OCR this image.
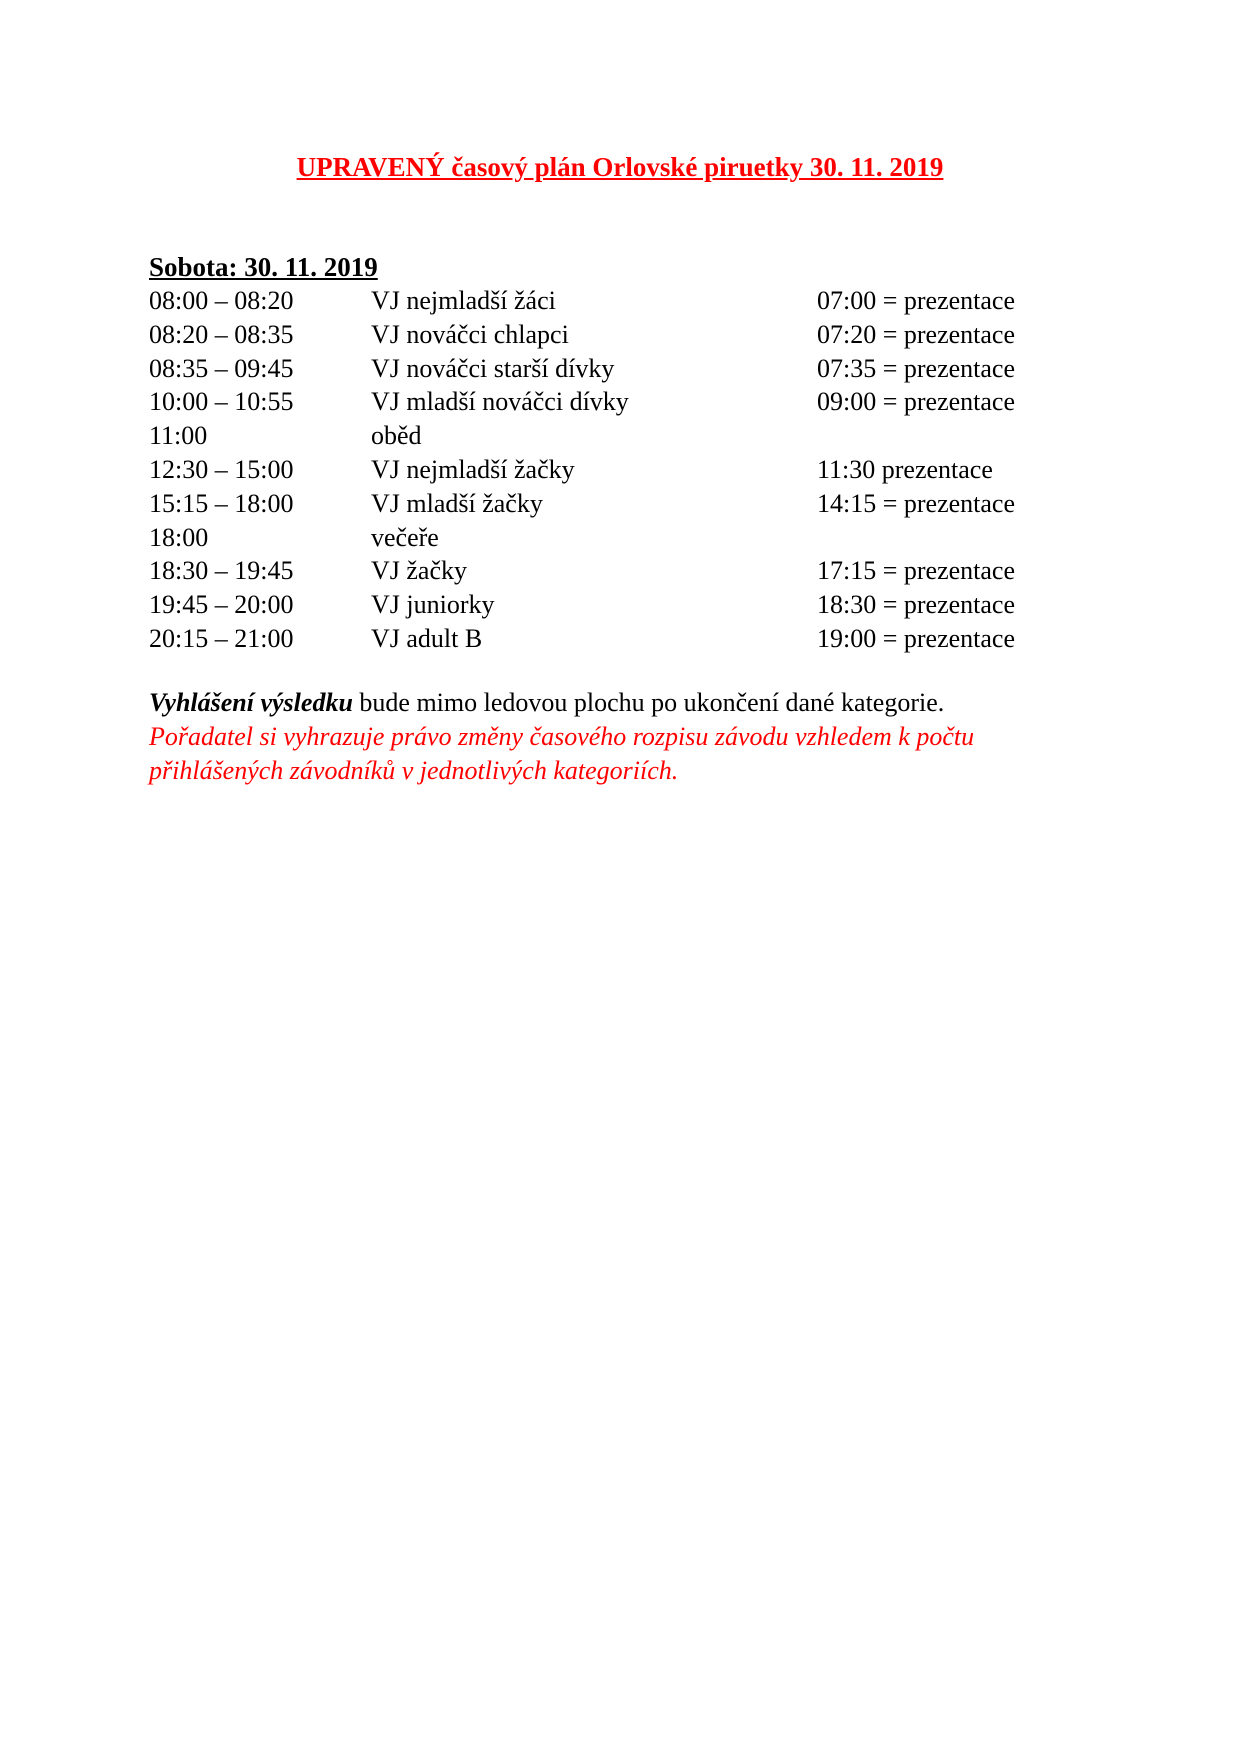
UPRAVENÝ časový plán Orlovské piruetky 30. 11. 2019
Sobota: 30. 11. 2019
08:00 – 08:20	VJ nejmladší žáci	07:00 = prezentace
08:20 – 08:35	VJ nováčci chlapci	07:20 = prezentace
08:35 – 09:45	VJ nováčci starší dívky	07:35 = prezentace
10:00 – 10:55	VJ mladší nováčci dívky	09:00 = prezentace
11:00	oběd
12:30 – 15:00	VJ nejmladší žačky	11:30 prezentace
15:15 – 18:00	VJ mladší žačky	14:15 = prezentace
18:00	večeře
18:30 – 19:45	VJ žačky	17:15 = prezentace
19:45 – 20:00	VJ juniorky	18:30 = prezentace
20:15 – 21:00	VJ adult B	19:00 = prezentace

Vyhlášení výsledku bude mimo ledovou plochu po ukončení dané kategorie.

Pořadatel si vyhrazuje právo změny časového rozpisu závodu vzhledem k počtu přihlášených závodníků v jednotlivých kategoriích.
